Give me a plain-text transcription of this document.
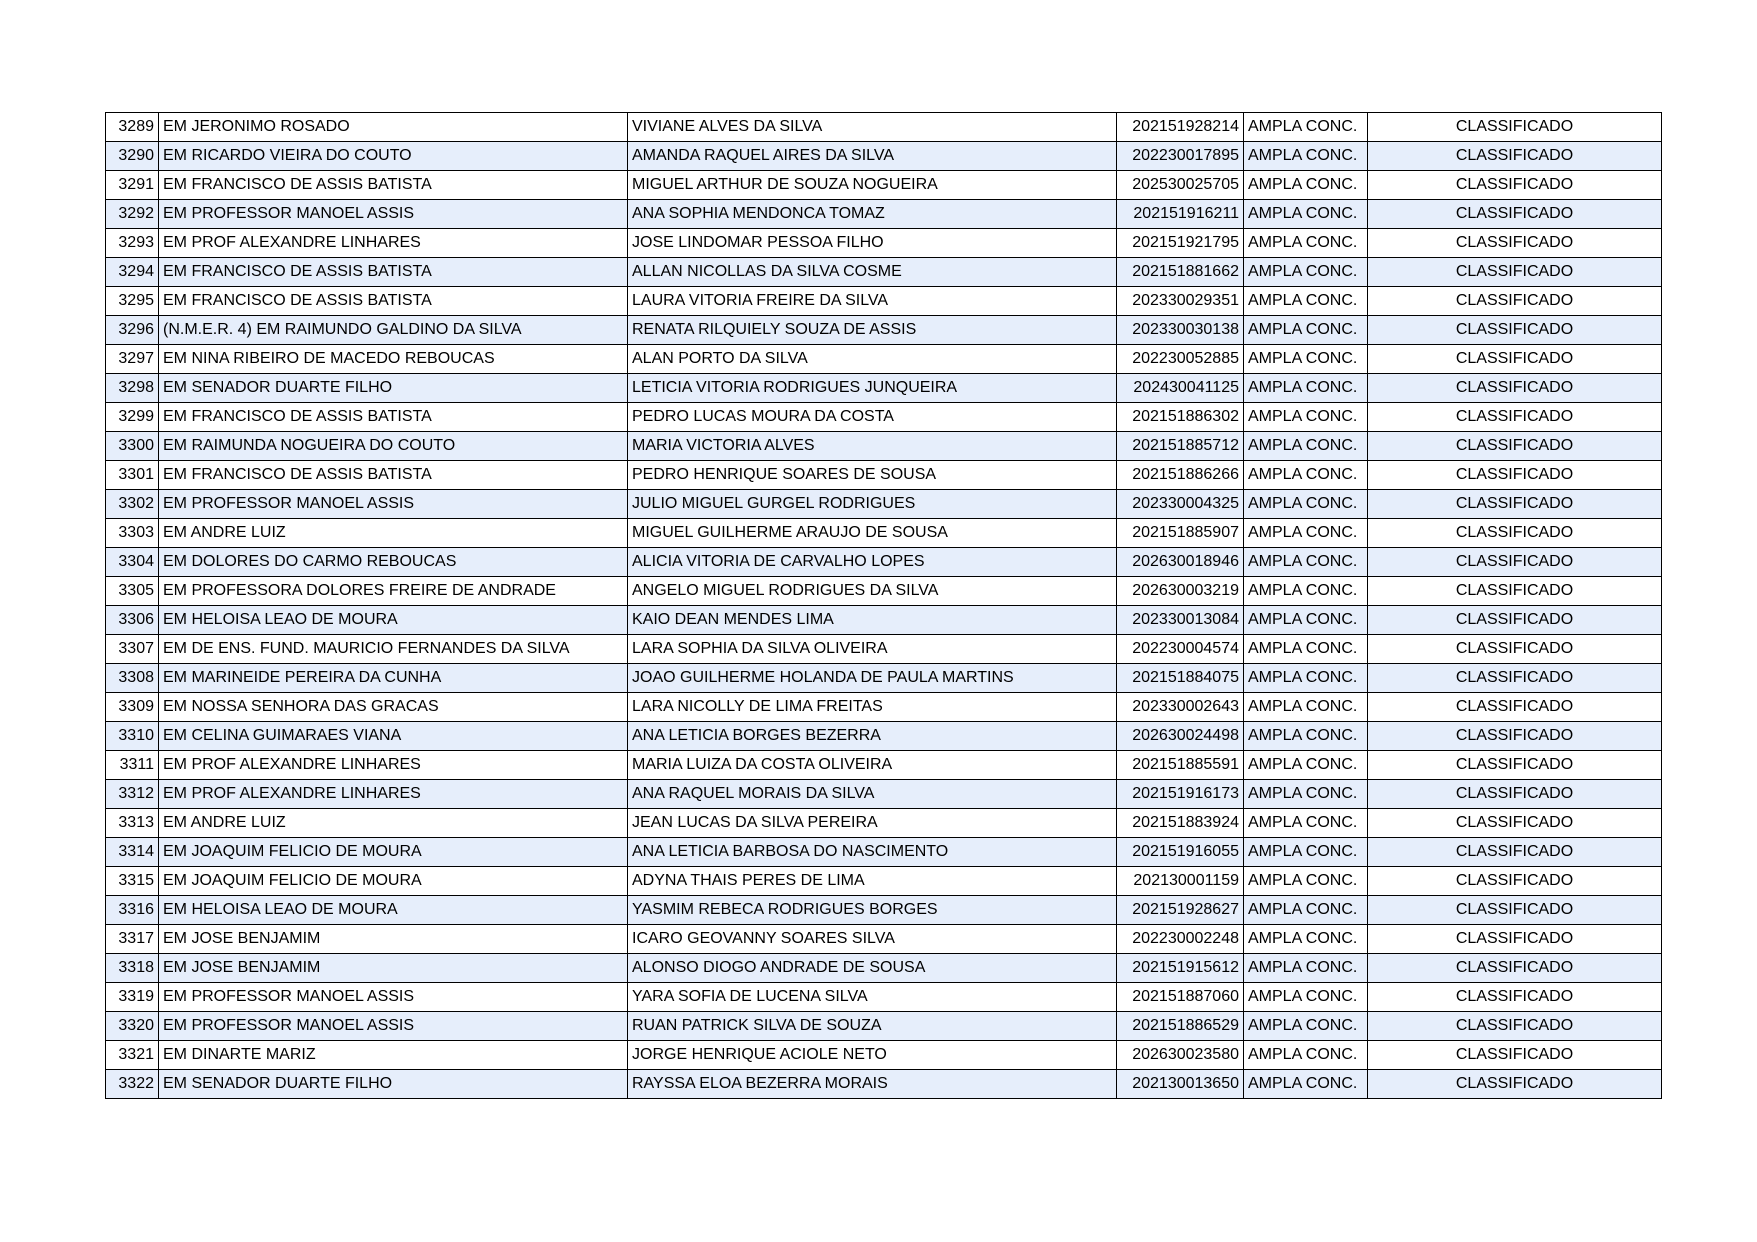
3289	EM JERONIMO ROSADO	VIVIANE ALVES DA SILVA	202151928214	AMPLA CONC.	CLASSIFICADO
3290	EM RICARDO VIEIRA DO COUTO	AMANDA RAQUEL AIRES DA SILVA	202230017895	AMPLA CONC.	CLASSIFICADO
3291	EM FRANCISCO DE ASSIS BATISTA	MIGUEL ARTHUR DE SOUZA NOGUEIRA	202530025705	AMPLA CONC.	CLASSIFICADO
3292	EM PROFESSOR MANOEL ASSIS	ANA SOPHIA MENDONCA TOMAZ	202151916211	AMPLA CONC.	CLASSIFICADO
3293	EM PROF ALEXANDRE LINHARES	JOSE LINDOMAR PESSOA FILHO	202151921795	AMPLA CONC.	CLASSIFICADO
3294	EM FRANCISCO DE ASSIS BATISTA	ALLAN NICOLLAS DA SILVA COSME	202151881662	AMPLA CONC.	CLASSIFICADO
3295	EM FRANCISCO DE ASSIS BATISTA	LAURA VITORIA FREIRE DA SILVA	202330029351	AMPLA CONC.	CLASSIFICADO
3296	(N.M.E.R. 4) EM RAIMUNDO GALDINO DA SILVA	RENATA RILQUIELY SOUZA DE ASSIS	202330030138	AMPLA CONC.	CLASSIFICADO
3297	EM NINA RIBEIRO DE MACEDO REBOUCAS	ALAN PORTO DA SILVA	202230052885	AMPLA CONC.	CLASSIFICADO
3298	EM SENADOR DUARTE FILHO	LETICIA VITORIA RODRIGUES JUNQUEIRA	202430041125	AMPLA CONC.	CLASSIFICADO
3299	EM FRANCISCO DE ASSIS BATISTA	PEDRO LUCAS MOURA DA COSTA	202151886302	AMPLA CONC.	CLASSIFICADO
3300	EM RAIMUNDA NOGUEIRA DO COUTO	MARIA VICTORIA ALVES	202151885712	AMPLA CONC.	CLASSIFICADO
3301	EM FRANCISCO DE ASSIS BATISTA	PEDRO HENRIQUE SOARES DE SOUSA	202151886266	AMPLA CONC.	CLASSIFICADO
3302	EM PROFESSOR MANOEL ASSIS	JULIO MIGUEL GURGEL RODRIGUES	202330004325	AMPLA CONC.	CLASSIFICADO
3303	EM ANDRE LUIZ	MIGUEL GUILHERME ARAUJO DE SOUSA	202151885907	AMPLA CONC.	CLASSIFICADO
3304	EM DOLORES DO CARMO REBOUCAS	ALICIA VITORIA DE CARVALHO LOPES	202630018946	AMPLA CONC.	CLASSIFICADO
3305	EM PROFESSORA DOLORES FREIRE DE ANDRADE	ANGELO MIGUEL RODRIGUES DA SILVA	202630003219	AMPLA CONC.	CLASSIFICADO
3306	EM HELOISA LEAO DE MOURA	KAIO DEAN MENDES LIMA	202330013084	AMPLA CONC.	CLASSIFICADO
3307	EM DE ENS. FUND. MAURICIO FERNANDES DA SILVA	LARA SOPHIA DA SILVA OLIVEIRA	202230004574	AMPLA CONC.	CLASSIFICADO
3308	EM MARINEIDE PEREIRA DA CUNHA	JOAO GUILHERME HOLANDA DE PAULA MARTINS	202151884075	AMPLA CONC.	CLASSIFICADO
3309	EM NOSSA SENHORA DAS GRACAS	LARA NICOLLY DE LIMA FREITAS	202330002643	AMPLA CONC.	CLASSIFICADO
3310	EM CELINA GUIMARAES VIANA	ANA LETICIA BORGES BEZERRA	202630024498	AMPLA CONC.	CLASSIFICADO
3311	EM PROF ALEXANDRE LINHARES	MARIA LUIZA DA COSTA OLIVEIRA	202151885591	AMPLA CONC.	CLASSIFICADO
3312	EM PROF ALEXANDRE LINHARES	ANA RAQUEL MORAIS DA SILVA	202151916173	AMPLA CONC.	CLASSIFICADO
3313	EM ANDRE LUIZ	JEAN LUCAS DA SILVA PEREIRA	202151883924	AMPLA CONC.	CLASSIFICADO
3314	EM JOAQUIM FELICIO DE MOURA	ANA LETICIA BARBOSA DO NASCIMENTO	202151916055	AMPLA CONC.	CLASSIFICADO
3315	EM JOAQUIM FELICIO DE MOURA	ADYNA THAIS PERES DE LIMA	202130001159	AMPLA CONC.	CLASSIFICADO
3316	EM HELOISA LEAO DE MOURA	YASMIM REBECA RODRIGUES BORGES	202151928627	AMPLA CONC.	CLASSIFICADO
3317	EM JOSE BENJAMIM	ICARO GEOVANNY SOARES SILVA	202230002248	AMPLA CONC.	CLASSIFICADO
3318	EM JOSE BENJAMIM	ALONSO DIOGO ANDRADE DE SOUSA	202151915612	AMPLA CONC.	CLASSIFICADO
3319	EM PROFESSOR MANOEL ASSIS	YARA SOFIA DE LUCENA SILVA	202151887060	AMPLA CONC.	CLASSIFICADO
3320	EM PROFESSOR MANOEL ASSIS	RUAN PATRICK SILVA DE SOUZA	202151886529	AMPLA CONC.	CLASSIFICADO
3321	EM DINARTE MARIZ	JORGE HENRIQUE ACIOLE NETO	202630023580	AMPLA CONC.	CLASSIFICADO
3322	EM SENADOR DUARTE FILHO	RAYSSA ELOA BEZERRA MORAIS	202130013650	AMPLA CONC.	CLASSIFICADO
